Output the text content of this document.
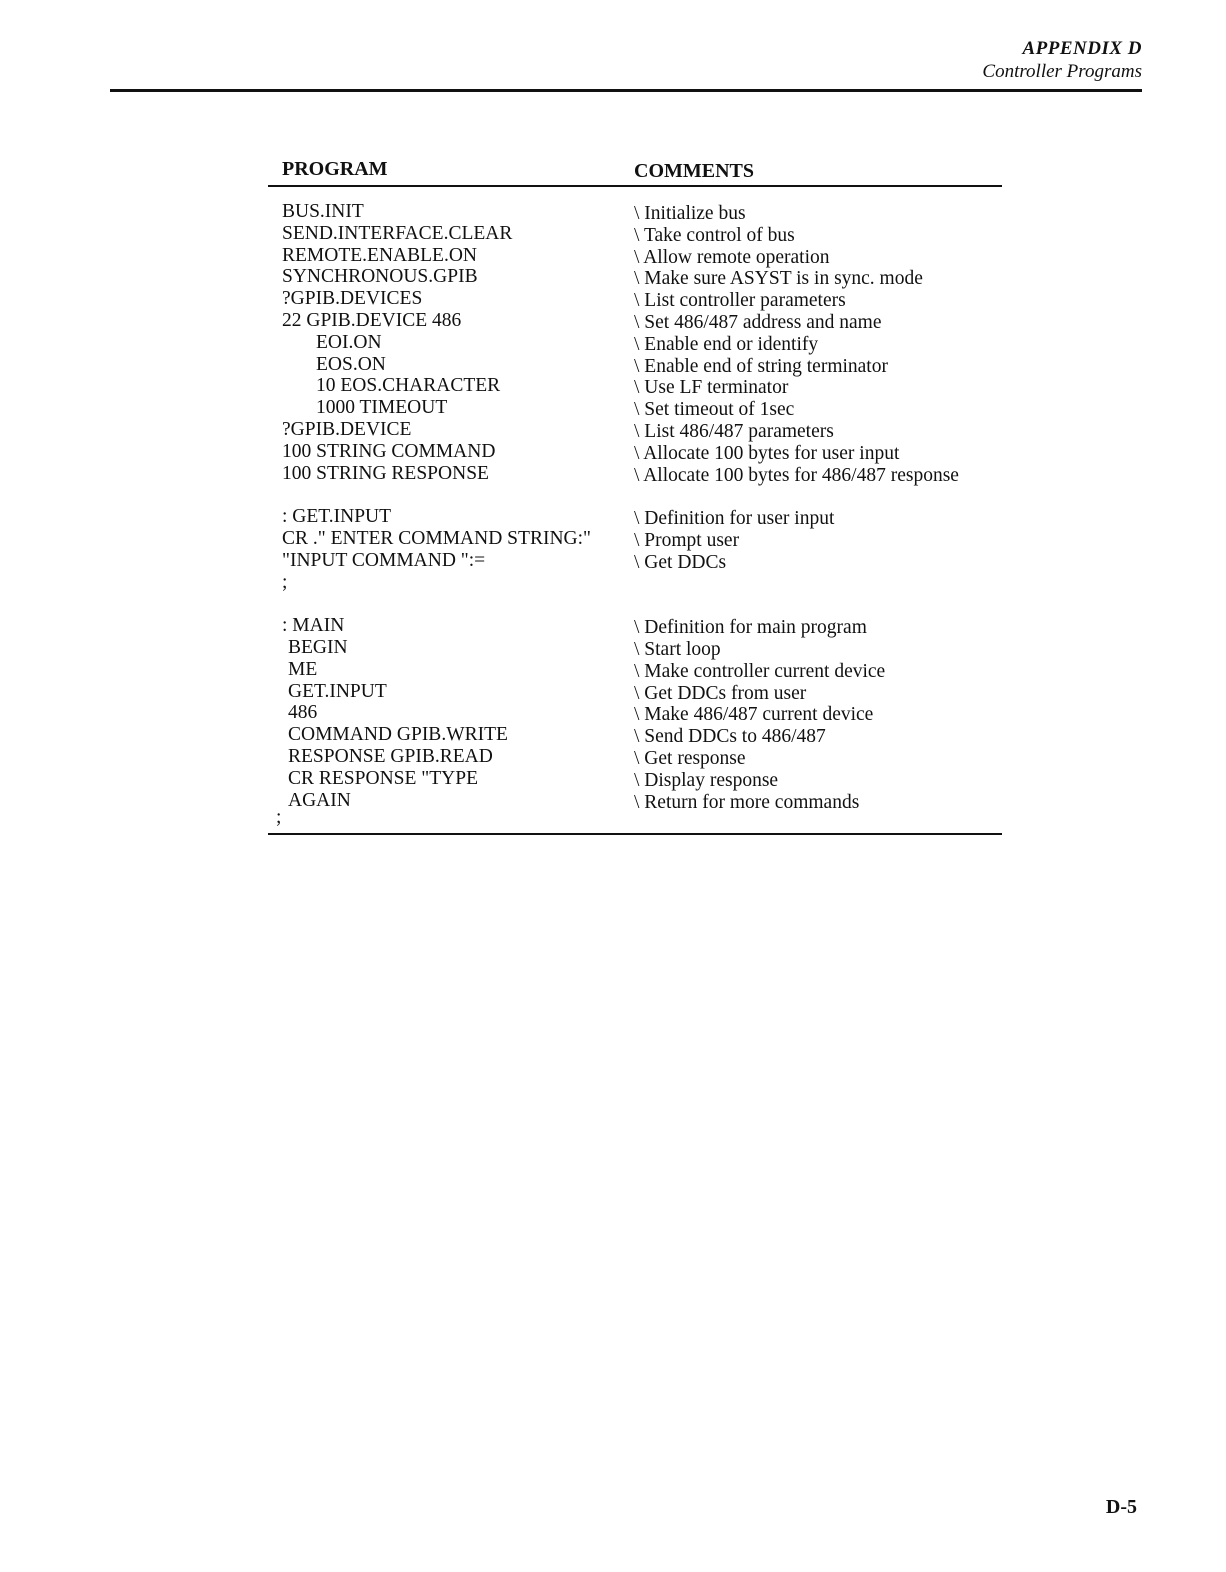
APPENDIX D
Controller Programs
PROGRAM	COMMENTS
BUS.INIT	\ Initialize bus
SEND.INTERFACE.CLEAR	\ Take control of bus
REMOTE.ENABLE.ON	\ Allow remote operation
SYNCHRONOUS.GPIB	\ Make sure ASYST is in sync. mode
?GPIB.DEVICES	\ List controller parameters
22 GPIB.DEVICE 486	\ Set 486/487 address and name
EOI.ON	\ Enable end or identify
EOS.ON	\ Enable end of string terminator
10 EOS.CHARACTER	\ Use LF terminator
1000 TIMEOUT	\ Set timeout of 1sec
?GPIB.DEVICE	\ List 486/487 parameters
100 STRING COMMAND	\ Allocate 100 bytes for user input
100 STRING RESPONSE	\ Allocate 100 bytes for 486/487 response
: GET.INPUT	\ Definition for user input
CR ." ENTER COMMAND STRING:" \ Prompt user
"INPUT COMMAND ":=	\ Get DDCs
;
: MAIN	\ Definition for main program
BEGIN	\ Start loop
ME	\ Make controller current device
GET.INPUT	\ Get DDCs from user
486	\ Make 486/487 current device
COMMAND GPIB.WRITE	\ Send DDCs to 486/487
RESPONSE GPIB.READ	\ Get response
CR RESPONSE "TYPE	\ Display response
AGAIN	\ Return for more commands
;
D-5
